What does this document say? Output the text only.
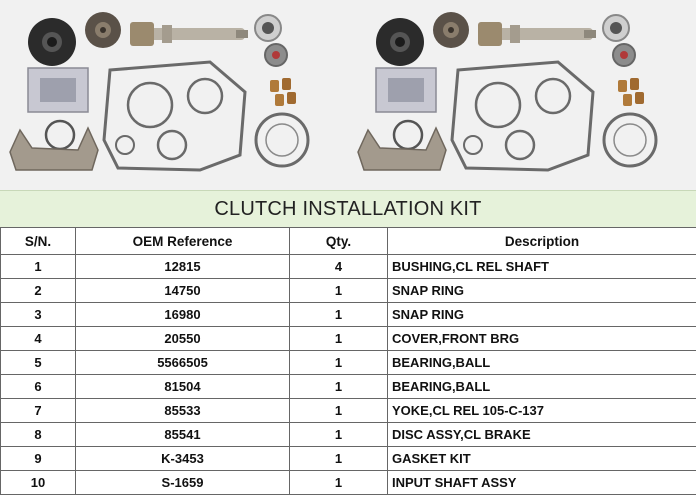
CLUTCH INSTALLATION KIT
S/N.	OEM Reference	Qty.	Description
1	12815	4	BUSHING,CL REL SHAFT
2	14750	1	SNAP RING
3	16980	1	SNAP RING
4	20550	1	COVER,FRONT BRG
5	5566505	1	BEARING,BALL
6	81504	1	BEARING,BALL
7	85533	1	YOKE,CL REL 105-C-137
8	85541	1	DISC ASSY,CL BRAKE
9	K-3453	1	GASKET KIT
10	S-1659	1	INPUT SHAFT ASSY
